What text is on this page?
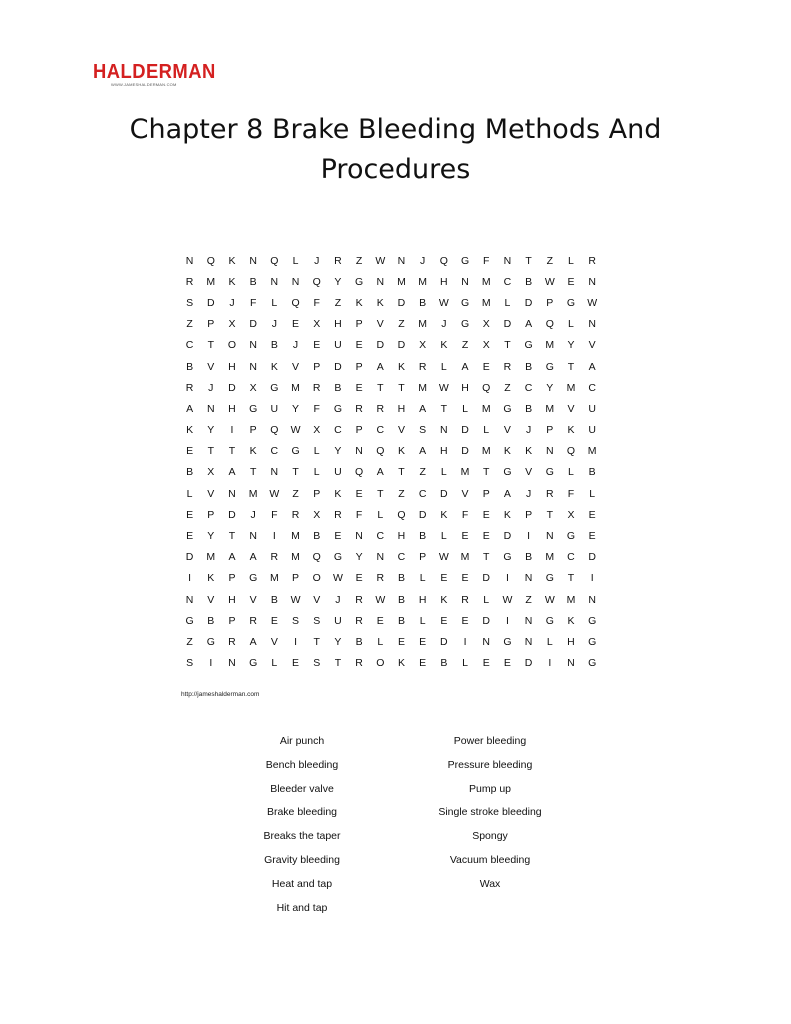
HALDERMAN
WWW.JAMESHALDERMAN.COM
Chapter 8 Brake Bleeding Methods And
Procedures
N	Q	K	N	Q	L	J	R	Z	W	N	J	Q	G	F	N	T	Z	L	R
R	M	K	B	N	N	Q	Y	G	N	M	M	H	N	M	C	B	W	E	N
S	D	J	F	L	Q	F	Z	K	K	D	B	W	G	M	L	D	P	G	W
Z	P	X	D	J	E	X	H	P	V	Z	M	J	G	X	D	A	Q	L	N
C	T	O	N	B	J	E	U	E	D	D	X	K	Z	X	T	G	M	Y	V
B	V	H	N	K	V	P	D	P	A	K	R	L	A	E	R	B	G	T	A
R	J	D	X	G	M	R	B	E	T	T	M	W	H	Q	Z	C	Y	M	C
A	N	H	G	U	Y	F	G	R	R	H	A	T	L	M	G	B	M	V	U
K	Y	I	P	Q	W	X	C	P	C	V	S	N	D	L	V	J	P	K	U
E	T	T	K	C	G	L	Y	N	Q	K	A	H	D	M	K	K	N	Q	M
B	X	A	T	N	T	L	U	Q	A	T	Z	L	M	T	G	V	G	L	B
L	V	N	M	W	Z	P	K	E	T	Z	C	D	V	P	A	J	R	F	L
E	P	D	J	F	R	X	R	F	L	Q	D	K	F	E	K	P	T	X	E
E	Y	T	N	I	M	B	E	N	C	H	B	L	E	E	D	I	N	G	E
D	M	A	A	R	M	Q	G	Y	N	C	P	W	M	T	G	B	M	C	D
I	K	P	G	M	P	O	W	E	R	B	L	E	E	D	I	N	G	T	I
N	V	H	V	B	W	V	J	R	W	B	H	K	R	L	W	Z	W	M	N
G	B	P	R	E	S	S	U	R	E	B	L	E	E	D	I	N	G	K	G
Z	G	R	A	V	I	T	Y	B	L	E	E	D	I	N	G	N	L	H	G
S	I	N	G	L	E	S	T	R	O	K	E	B	L	E	E	D	I	N	G
http://jameshalderman.com
Air punch
Bench bleeding
Bleeder valve
Brake bleeding
Breaks the taper
Gravity bleeding
Heat and tap
Hit and tap
Power bleeding
Pressure bleeding
Pump up
Single stroke bleeding
Spongy
Vacuum bleeding
Wax
